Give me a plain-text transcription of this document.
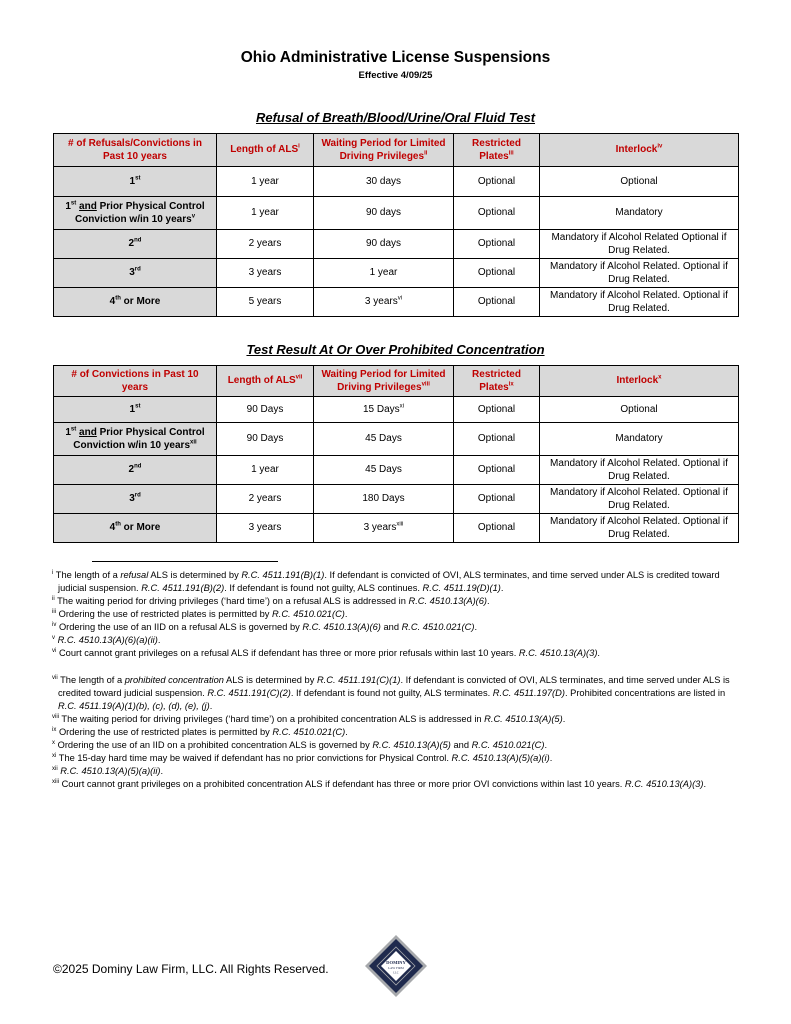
Ohio Administrative License Suspensions
Effective 4/09/25
Refusal of Breath/Blood/Urine/Oral Fluid Test
# of Refusals/Convictions in Past 10 years	Length of ALS$^i$	Waiting Period for Limited Driving Privileges$^{ii}$	Restricted Plates$^{iii}$	Interlock$^{iv}$
1st	1 year	30 days	Optional	Optional
1st and Prior Physical Control
Conviction w/in 10 years$^v$	1 year	90 days	Optional	Mandatory
2nd	2 years	90 days	Optional	Mandatory if Alcohol Related Optional if Drug Related.
3rd	3 years	1 year	Optional	Mandatory if Alcohol Related. Optional if Drug Related.
4th or More	5 years	3 years$^{vi}$	Optional	Mandatory if Alcohol Related. Optional if Drug Related.
Test Result At Or Over Prohibited Concentration
# of Convictions in Past 10 years	Length of ALS$^{vii}$	Waiting Period for Limited Driving Privileges$^{viii}$	Restricted Plates$^{ix}$	Interlock$^x$
1st	90 Days	15 Days$^{xi}$	Optional	Optional
1st and Prior Physical Control
Conviction w/in 10 years$^{xii}$	90 Days	45 Days	Optional	Mandatory
2nd	1 year	45 Days	Optional	Mandatory if Alcohol Related. Optional if Drug Related.
3rd	2 years	180 Days	Optional	Mandatory if Alcohol Related. Optional if Drug Related.
4th or More	3 years	3 years$^{xiii}$	Optional	Mandatory if Alcohol Related. Optional if Drug Related.

$^i$ The length of a refusal ALS is determined by R.C. 4511.191(B)(1). If defendant is convicted of OVI, ALS terminates, and time served under ALS is credited toward judicial suspension. R.C. 4511.191(B)(2). If defendant is found not guilty, ALS continues. R.C. 4511.19(D)(1).

$^{ii}$ The waiting period for driving privileges (‘hard time’) on a refusal ALS is addressed in R.C. 4510.13(A)(6).

$^{iii}$ Ordering the use of restricted plates is permitted by R.C. 4510.021(C).

$^{iv}$ Ordering the use of an IID on a refusal ALS is governed by R.C. 4510.13(A)(6) and R.C. 4510.021(C).

$^v$ R.C. 4510.13(A)(6)(a)(ii).

$^{vi}$ Court cannot grant privileges on a refusal ALS if defendant has three or more prior refusals within last 10 years. R.C. 4510.13(A)(3).

$^{vii}$ The length of a prohibited concentration ALS is determined by R.C. 4511.191(C)(1). If defendant is convicted of OVI, ALS terminates, and time served under ALS is credited toward judicial suspension. R.C. 4511.191(C)(2). If defendant is found not guilty, ALS terminates. R.C. 4511.197(D). Prohibited concentrations are listed in R.C. 4511.19(A)(1)(b), (c), (d), (e), (j).

$^{viii}$ The waiting period for driving privileges (‘hard time’) on a prohibited concentration ALS is addressed in R.C. 4510.13(A)(5).

$^{ix}$ Ordering the use of restricted plates is permitted by R.C. 4510.021(C).

$^x$ Ordering the use of an IID on a prohibited concentration ALS is governed by R.C. 4510.13(A)(5) and R.C. 4510.021(C).

$^{xi}$ The 15-day hard time may be waived if defendant has no prior convictions for Physical Control. R.C. 4510.13(A)(5)(a)(i).

$^{xii}$ R.C. 4510.13(A)(5)(a)(ii).

$^{xiii}$ Court cannot grant privileges on a prohibited concentration ALS if defendant has three or more prior OVI convictions within last 10 years. R.C. 4510.13(A)(3).

DOMINY
LAW FIRM
LLC
©2025 Dominy Law Firm, LLC. All Rights Reserved.
